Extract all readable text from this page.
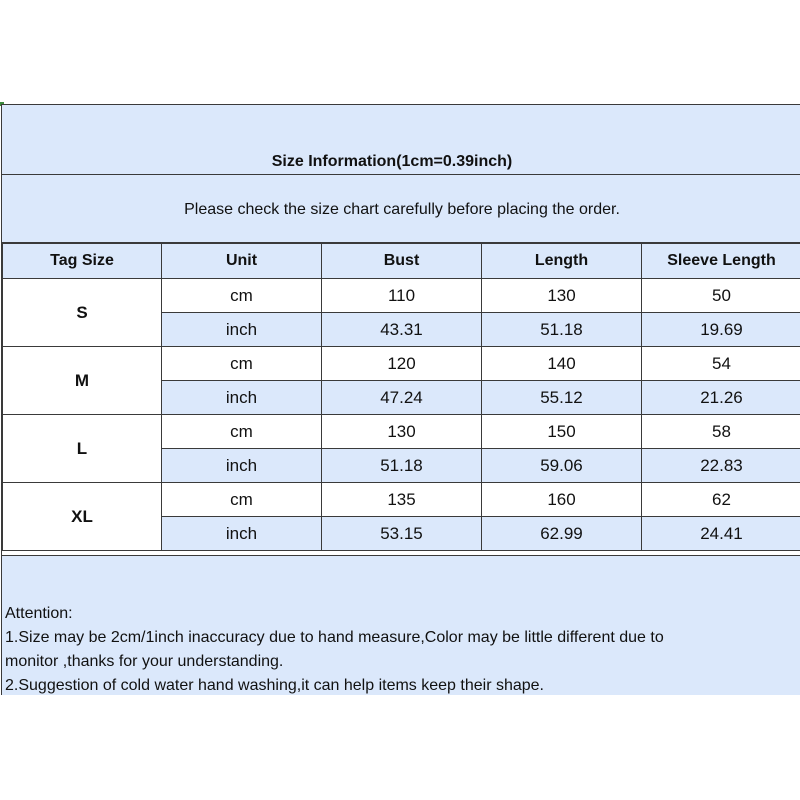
Size Information(1cm=0.39inch)
Please check the size chart carefully before placing the order.
Tag Size	Unit	Bust	Length	Sleeve Length
S	cm	110	130	50
	inch	43.31	51.18	19.69
M	cm	120	140	54
	inch	47.24	55.12	21.26
L	cm	130	150	58
	inch	51.18	59.06	22.83
XL	cm	135	160	62
	inch	53.15	62.99	24.41
Attention:
1.Size may be 2cm/1inch inaccuracy due to hand measure,Color may be little different due to
monitor ,thanks for your understanding.
2.Suggestion of cold water hand washing,it can help items keep their shape.
